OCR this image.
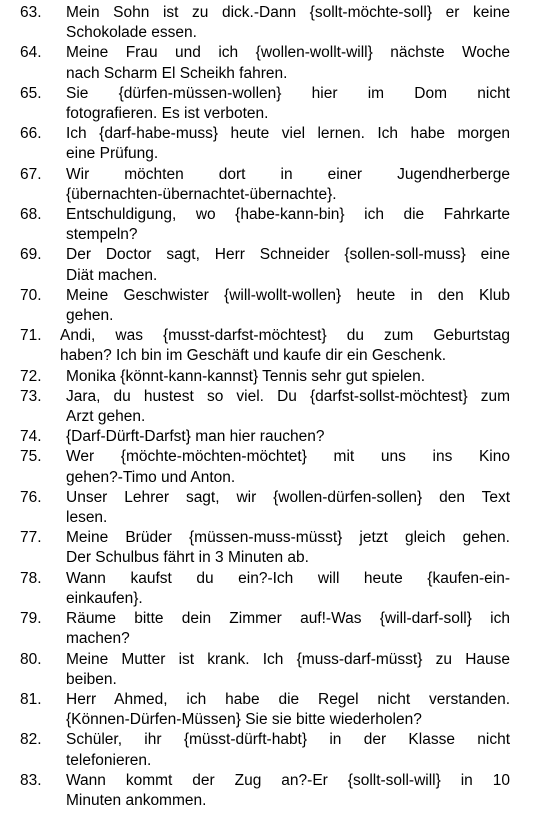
63.	Mein Sohn ist zu dick.-Dann {sollt-möchte-soll} er keine
Schokolade essen.
64.	Meine Frau und ich {wollen-wollt-will} nächste Woche
nach Scharm El Scheikh fahren.
65.	Sie {dürfen-müssen-wollen} hier im Dom nicht
fotografieren. Es ist verboten.
66.	Ich {darf-habe-muss} heute viel lernen. Ich habe morgen
eine Prüfung.
67.	Wir möchten dort in einer Jugendherberge
{übernachten-übernachtet-übernachte}.
68.	Entschuldigung, wo {habe-kann-bin} ich die Fahrkarte
stempeln?
69.	Der Doctor sagt, Herr Schneider {sollen-soll-muss} eine
Diät machen.
70.	Meine Geschwister {will-wollt-wollen} heute in den Klub
gehen.
71.	Andi, was {musst-darfst-möchtest} du zum Geburtstag
haben? Ich bin im Geschäft und kaufe dir ein Geschenk.
72.	Monika {könnt-kann-kannst} Tennis sehr gut spielen.
73.	Jara, du hustest so viel. Du {darfst-sollst-möchtest} zum
Arzt gehen.
74.	{Darf-Dürft-Darfst} man hier rauchen?
75.	Wer {möchte-möchten-möchtet} mit uns ins Kino
gehen?-Timo und Anton.
76.	Unser Lehrer sagt, wir {wollen-dürfen-sollen} den Text
lesen.
77.	Meine Brüder {müssen-muss-müsst} jetzt gleich gehen.
Der Schulbus fährt in 3 Minuten ab.
78.	Wann kaufst du ein?-Ich will heute {kaufen-ein-
einkaufen}.
79.	Räume bitte dein Zimmer auf!-Was {will-darf-soll} ich
machen?
80.	Meine Mutter ist krank. Ich {muss-darf-müsst} zu Hause
beiben.
81.	Herr Ahmed, ich habe die Regel nicht verstanden.
{Können-Dürfen-Müssen} Sie sie bitte wiederholen?
82.	Schüler, ihr {müsst-dürft-habt} in der Klasse nicht
telefonieren.
83.	Wann kommt der Zug an?-Er {sollt-soll-will} in 10
Minuten ankommen.
